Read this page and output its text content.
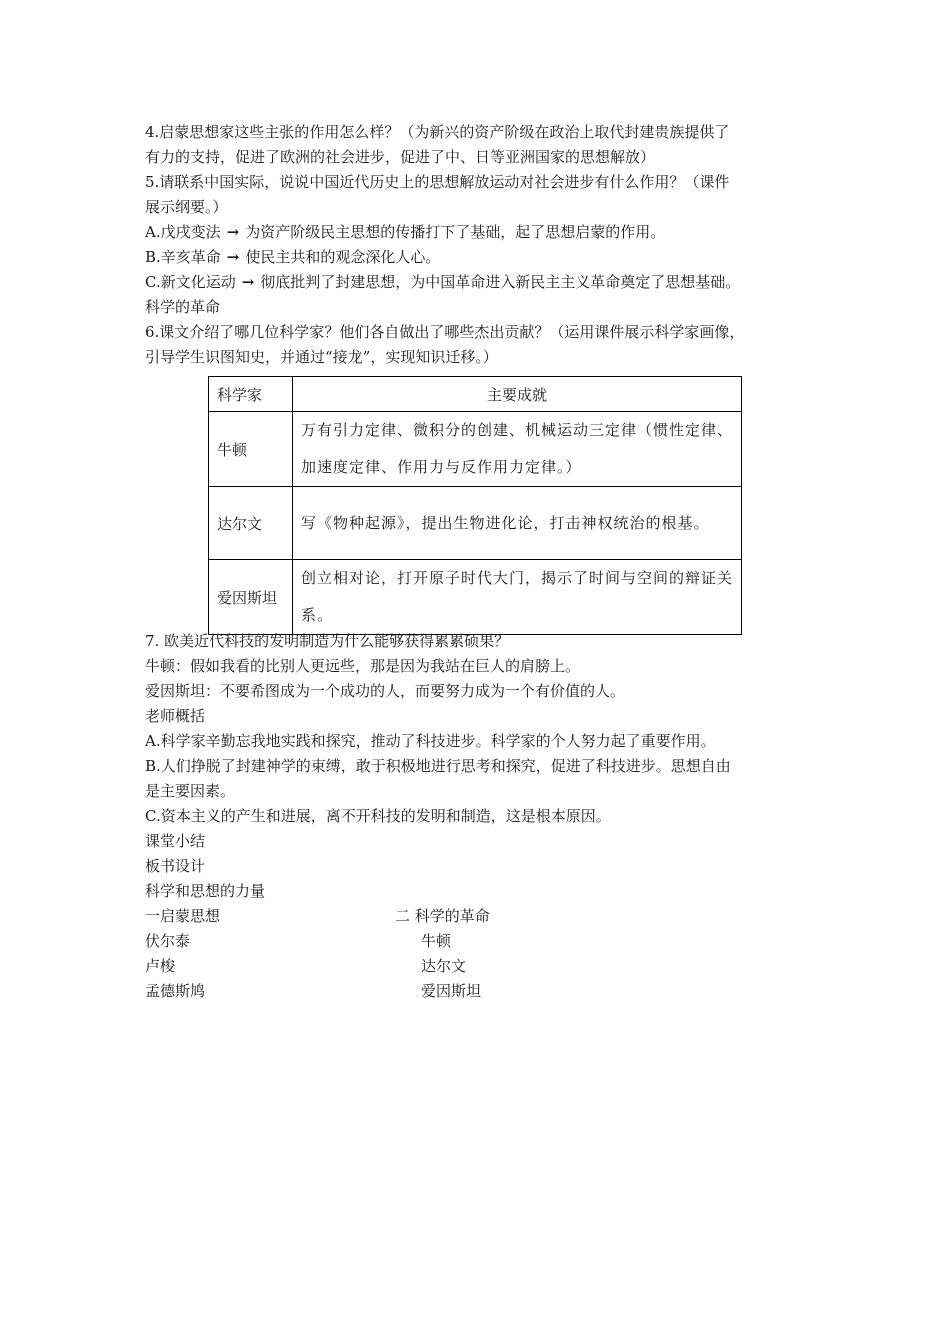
4.启蒙思想家这些主张的作用怎么样？（为新兴的资产阶级在政治上取代封建贵族提供了
有力的支持，促进了欧洲的社会进步，促进了中、日等亚洲国家的思想解放）
5.请联系中国实际，说说中国近代历史上的思想解放运动对社会进步有什么作用？（课件
展示纲要。）
A.戊戌变法 → 为资产阶级民主思想的传播打下了基础，起了思想启蒙的作用。
B.辛亥革命 → 使民主共和的观念深化人心。
C.新文化运动 → 彻底批判了封建思想，为中国革命进入新民主主义革命奠定了思想基础。
科学的革命
6.课文介绍了哪几位科学家？他们各自做出了哪些杰出贡献？（运用课件展示科学家画像，
引导学生识图知史，并通过“接龙”，实现知识迁移。）
科学家	主要成就
牛顿	万有引力定律、微积分的创建、机械运动三定律（惯性定律、加速度定律、作用力与反作用力定律。）
达尔文	写《物种起源》，提出生物进化论，打击神权统治的根基。
爱因斯坦	创立相对论，打开原子时代大门，揭示了时间与空间的辩证关系。
7. 欧美近代科技的发明制造为什么能够获得累累硕果？
牛顿：假如我看的比别人更远些，那是因为我站在巨人的肩膀上。
爱因斯坦：不要希图成为一个成功的人，而要努力成为一个有价值的人。
老师概括
A.科学家辛勤忘我地实践和探究，推动了科技进步。科学家的个人努力起了重要作用。
B.人们挣脱了封建神学的束缚，敢于积极地进行思考和探究，促进了科技进步。思想自由
是主要因素。
C.资本主义的产生和进展，离不开科技的发明和制造，这是根本原因。
课堂小结
板书设计
科学和思想的力量
一启蒙思想
伏尔泰
卢梭
孟德斯鸠
二 科学的革命
牛顿
达尔文
爱因斯坦
